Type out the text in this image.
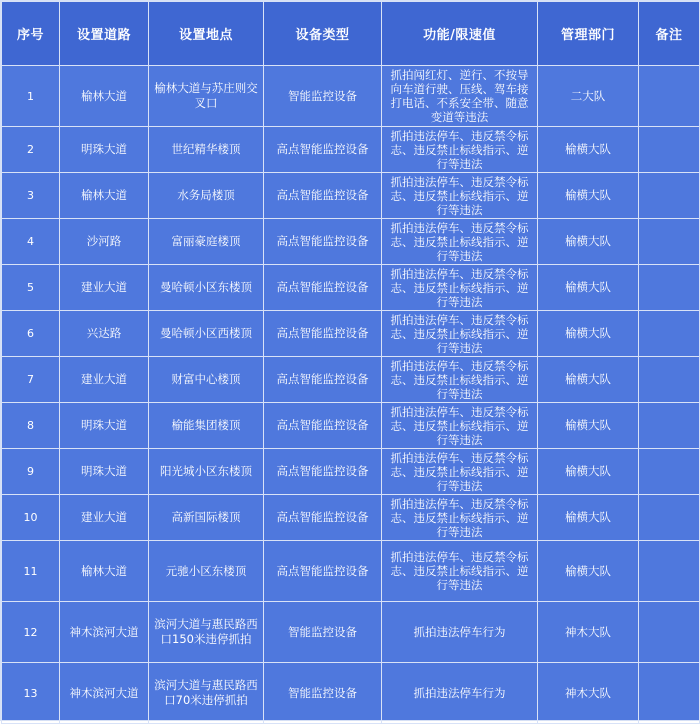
序号	设置道路	设置地点	设备类型	功能/限速值	管理部门	备注
1	榆林大道	榆林大道与苏庄则交叉口	智能监控设备	抓拍闯红灯、逆行、不按导向车道行驶、压线、驾车接打电话、不系安全带、随意变道等违法	二大队	
2	明珠大道	世纪精华楼顶	高点智能监控设备	抓拍违法停车、违反禁令标志、违反禁止标线指示、逆行等违法	榆横大队	
3	榆林大道	水务局楼顶	高点智能监控设备	抓拍违法停车、违反禁令标志、违反禁止标线指示、逆行等违法	榆横大队	
4	沙河路	富丽豪庭楼顶	高点智能监控设备	抓拍违法停车、违反禁令标志、违反禁止标线指示、逆行等违法	榆横大队	
5	建业大道	曼哈顿小区东楼顶	高点智能监控设备	抓拍违法停车、违反禁令标志、违反禁止标线指示、逆行等违法	榆横大队	
6	兴达路	曼哈顿小区西楼顶	高点智能监控设备	抓拍违法停车、违反禁令标志、违反禁止标线指示、逆行等违法	榆横大队	
7	建业大道	财富中心楼顶	高点智能监控设备	抓拍违法停车、违反禁令标志、违反禁止标线指示、逆行等违法	榆横大队	
8	明珠大道	榆能集团楼顶	高点智能监控设备	抓拍违法停车、违反禁令标志、违反禁止标线指示、逆行等违法	榆横大队	
9	明珠大道	阳光城小区东楼顶	高点智能监控设备	抓拍违法停车、违反禁令标志、违反禁止标线指示、逆行等违法	榆横大队	
10	建业大道	高新国际楼顶	高点智能监控设备	抓拍违法停车、违反禁令标志、违反禁止标线指示、逆行等违法	榆横大队	
11	榆林大道	元驰小区东楼顶	高点智能监控设备	抓拍违法停车、违反禁令标志、违反禁止标线指示、逆行等违法	榆横大队	
12	神木滨河大道	滨河大道与惠民路西口150米违停抓拍	智能监控设备	抓拍违法停车行为	神木大队	
13	神木滨河大道	滨河大道与惠民路西口70米违停抓拍	智能监控设备	抓拍违法停车行为	神木大队	
